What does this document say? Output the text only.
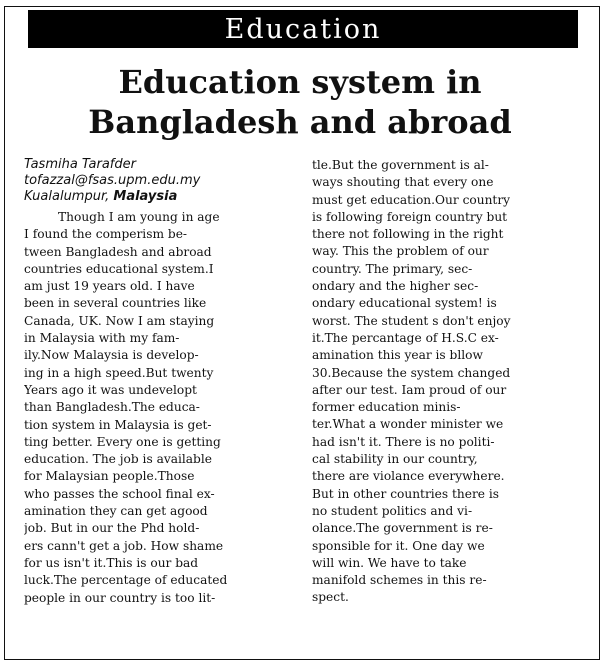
Education
Education system in
Bangladesh and abroad
Tasmiha Tarafder
tofazzal@fsas.upm.edu.my
Kualalumpur, Malaysia
Though I am young in age
I found the comperism be-
tween Bangladesh and abroad
countries educational system.I
am just 19 years old. I have
been in several countries like
Canada, UK. Now I am staying
in Malaysia with my fam-
ily.Now Malaysia is develop-
ing in a high speed.But twenty
Years ago it was undevelopt
than Bangladesh.The educa-
tion system in Malaysia is get-
ting better. Every one is getting
education. The job is available
for Malaysian people.Those
who passes the school final ex-
amination they can get agood
job. But in our the Phd hold-
ers cann't get a job. How shame
for us isn't it.This is our bad
luck.The percentage of educated
people in our country is too lit-
tle.But the government is al-
ways shouting that every one
must get education.Our country
is following foreign country but
there not following in the right
way. This the problem of our
country. The primary, sec-
ondary and the higher sec-
ondary educational system! is
worst. The student s don't enjoy
it.The percantage of H.S.C ex-
amination this year is bllow
30.Because the system changed
after our test. Iam proud of our
former education minis-
ter.What a wonder minister we
had isn't it. There is no politi-
cal stability in our country,
there are violance everywhere.
But in other countries there is
no student politics and vi-
olance.The government is re-
sponsible for it. One day we
will win. We have to take
manifold schemes in this re-
spect.
